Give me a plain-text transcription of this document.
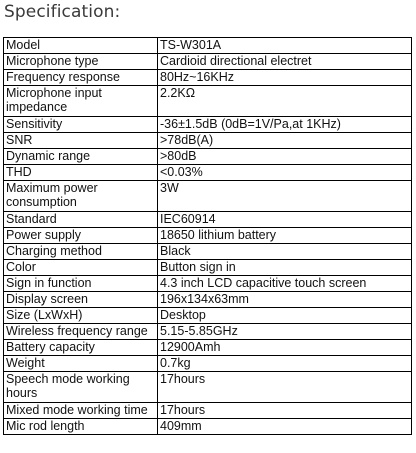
Specification:
Model	TS-W301A
Microphone type	Cardioid directional electret
Frequency response	80Hz~16KHz
Microphone input impedance	2.2KΩ
Sensitivity	-36±1.5dB (0dB=1V/Pa,at 1KHz)
SNR	>78dB(A)
Dynamic range	>80dB
THD	<0.03%
Maximum power consumption	3W
Standard	IEC60914
Power supply	18650 lithium battery
Charging method	Black
Color	Button sign in
Sign in function	4.3 inch LCD capacitive touch screen
Display screen	196x134x63mm
Size (LxWxH)	Desktop
Wireless frequency range	5.15-5.85GHz
Battery capacity	12900Amh
Weight	0.7kg
Speech mode working hours	17hours
Mixed mode working time	17hours
Mic rod length	409mm
